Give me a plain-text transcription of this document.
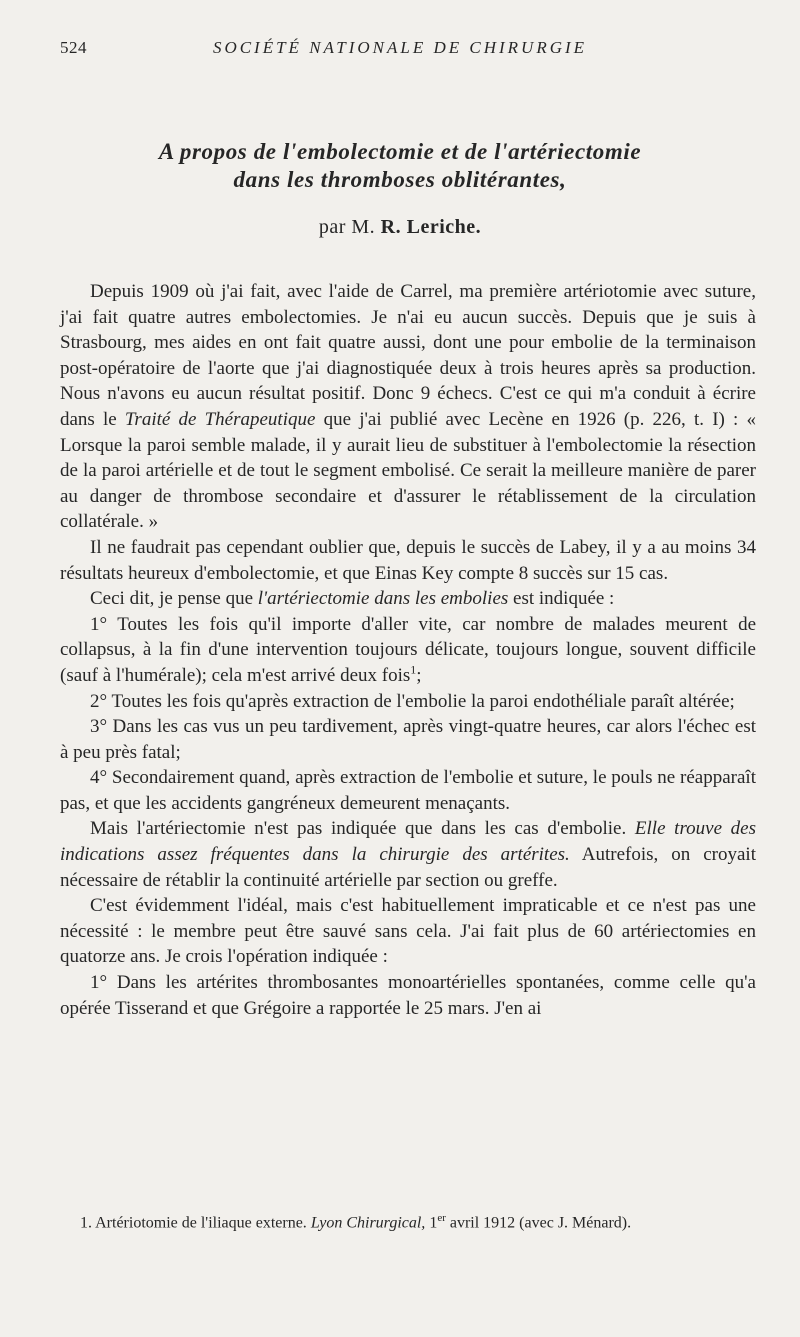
524	SOCIÉTÉ NATIONALE DE CHIRURGIE
A propos de l'embolectomie et de l'artériectomie
dans les thromboses oblitérantes,
par M. R. Leriche.

Depuis 1909 où j'ai fait, avec l'aide de Carrel, ma première artériotomie avec suture, j'ai fait quatre autres embolectomies. Je n'ai eu aucun succès. Depuis que je suis à Strasbourg, mes aides en ont fait quatre aussi, dont une pour embolie de la terminaison post-opératoire de l'aorte que j'ai diagnostiquée deux à trois heures après sa production. Nous n'avons eu aucun résultat positif. Donc 9 échecs. C'est ce qui m'a conduit à écrire dans le Traité de Thérapeutique que j'ai publié avec Lecène en 1926 (p. 226, t. I) : « Lorsque la paroi semble malade, il y aurait lieu de substituer à l'embolectomie la résection de la paroi artérielle et de tout le segment embolisé. Ce serait la meilleure manière de parer au danger de thrombose secondaire et d'assurer le rétablissement de la circulation collatérale. »

Il ne faudrait pas cependant oublier que, depuis le succès de Labey, il y a au moins 34 résultats heureux d'embolectomie, et que Einas Key compte 8 succès sur 15 cas.

Ceci dit, je pense que l'artériectomie dans les embolies est indiquée :

1° Toutes les fois qu'il importe d'aller vite, car nombre de malades meurent de collapsus, à la fin d'une intervention toujours délicate, toujours longue, souvent difficile (sauf à l'humérale); cela m'est arrivé deux fois$^1$;

2° Toutes les fois qu'après extraction de l'embolie la paroi endothéliale paraît altérée;

3° Dans les cas vus un peu tardivement, après vingt-quatre heures, car alors l'échec est à peu près fatal;

4° Secondairement quand, après extraction de l'embolie et suture, le pouls ne réapparaît pas, et que les accidents gangréneux demeurent menaçants.

Mais l'artériectomie n'est pas indiquée que dans les cas d'embolie. Elle trouve des indications assez fréquentes dans la chirurgie des artérites. Autrefois, on croyait nécessaire de rétablir la continuité artérielle par section ou greffe.

C'est évidemment l'idéal, mais c'est habituellement impraticable et ce n'est pas une nécessité : le membre peut être sauvé sans cela. J'ai fait plus de 60 artériectomies en quatorze ans. Je crois l'opération indiquée :

1° Dans les artérites thrombosantes monoartérielles spontanées, comme celle qu'a opérée Tisserand et que Grégoire a rapportée le 25 mars. J'en ai

1. Artériotomie de l'iliaque externe. Lyon Chirurgical, 1er avril 1912 (avec J. Ménard).
